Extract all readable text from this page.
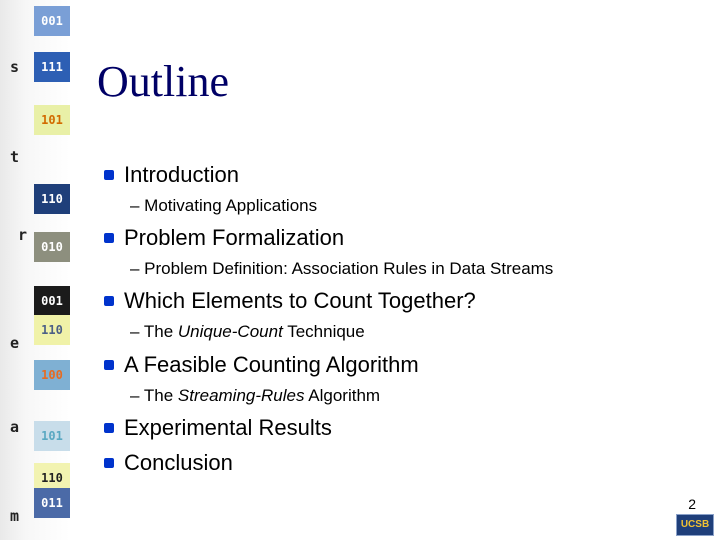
001
111
101
110
010
001
110
100
101
110
011
s
t
r
e
a
m
Outline
Introduction
– Motivating Applications
Problem Formalization
– Problem Definition: Association Rules in Data Streams
Which Elements to Count Together?
– The Unique-Count Technique
A Feasible Counting Algorithm
– The Streaming-Rules Algorithm
Experimental Results
Conclusion
2
UCSB
